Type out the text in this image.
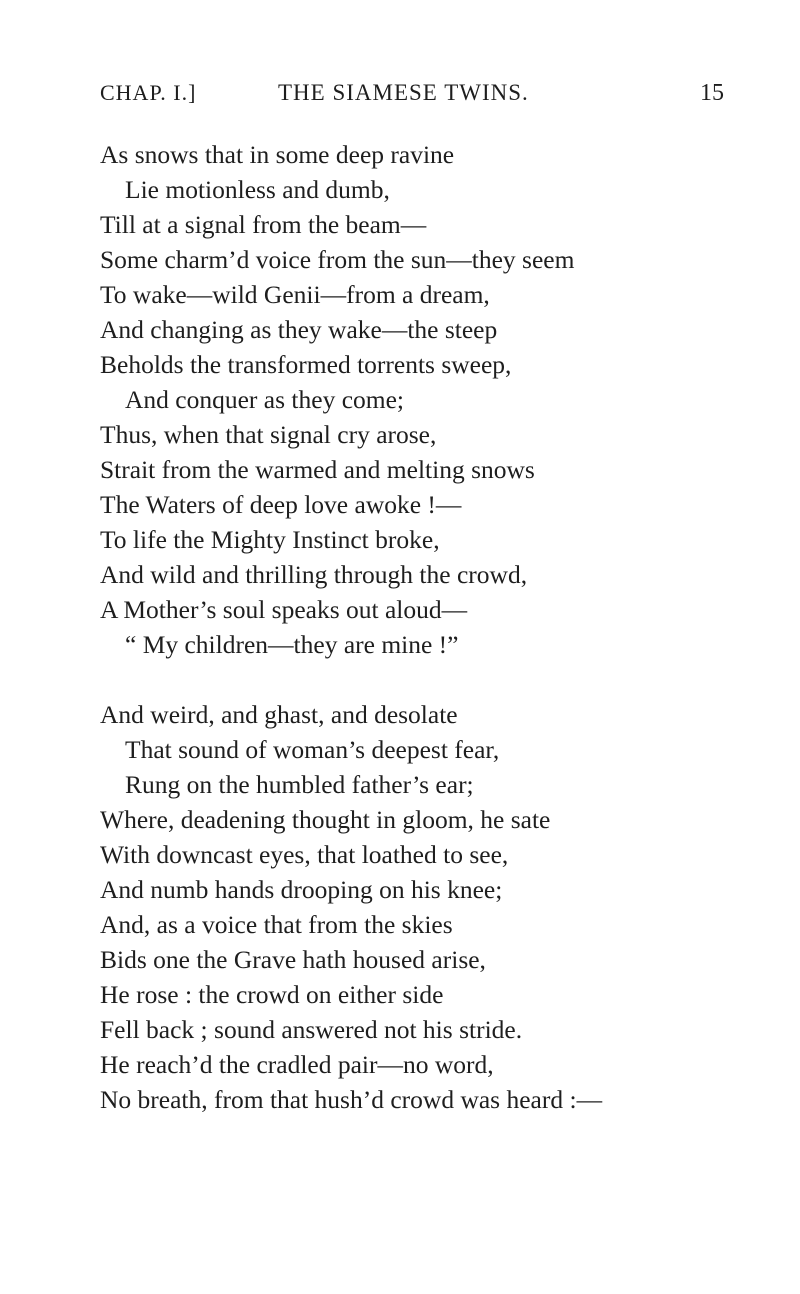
CHAP. I.]	THE SIAMESE TWINS.	15
As snows that in some deep ravine
Lie motionless and dumb,
Till at a signal from the beam—
Some charm’d voice from the sun—they seem
To wake—wild Genii—from a dream,
And changing as they wake—the steep
Beholds the transformed torrents sweep,
And conquer as they come;
Thus, when that signal cry arose,
Strait from the warmed and melting snows
The Waters of deep love awoke !—
To life the Mighty Instinct broke,
And wild and thrilling through the crowd,
A Mother’s soul speaks out aloud—
“ My children—they are mine !”
And weird, and ghast, and desolate
That sound of woman’s deepest fear,
Rung on the humbled father’s ear;
Where, deadening thought in gloom, he sate
With downcast eyes, that loathed to see,
And numb hands drooping on his knee;
And, as a voice that from the skies
Bids one the Grave hath housed arise,
He rose : the crowd on either side
Fell back ; sound answered not his stride.
He reach’d the cradled pair—no word,
No breath, from that hush’d crowd was heard :—
